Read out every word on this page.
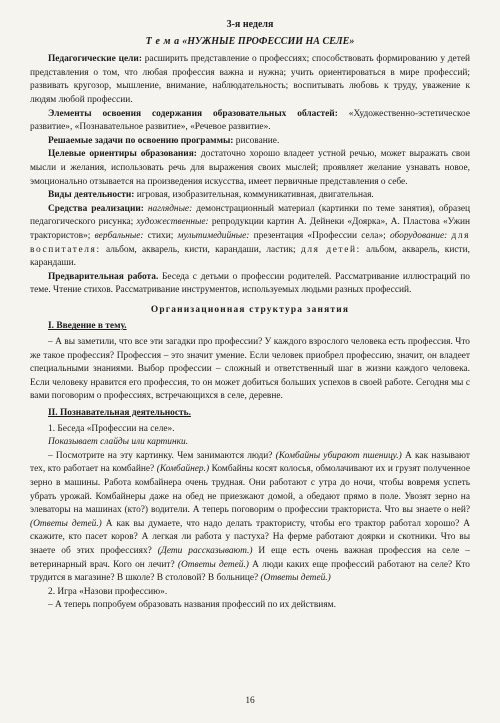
3-я неделя
Т е м а «НУЖНЫЕ ПРОФЕССИИ НА СЕЛЕ»

Педагогические цели: расширить представление о профессиях; способствовать формированию у детей представления о том, что любая профессия важна и нужна; учить ориентироваться в мире профессий; развивать кругозор, мышление, внимание, наблюдательность; воспитывать любовь к труду, уважение к людям любой профессии.

Элементы освоения содержания образовательных областей: «Художественно-эстетическое развитие», «Познавательное развитие», «Речевое развитие».

Решаемые задачи по освоению программы: рисование.

Целевые ориентиры образования: достаточно хорошо владеет устной речью, может выражать свои мысли и желания, использовать речь для выражения своих мыслей; проявляет желание узнавать новое, эмоционально отзывается на произведения искусства, имеет первичные представления о себе.

Виды деятельности: игровая, изобразительная, коммуникативная, двигательная.

Средства реализации: наглядные: демонстрационный материал (картинки по теме занятия), образец педагогического рисунка; художественные: репродукции картин А. Дейнеки «Доярка», А. Пластова «Ужин трактористов»; вербальные: стихи; мультимедийные: презентация «Профессии села»; оборудование: для воспитателя: альбом, акварель, кисти, карандаши, ластик; для детей: альбом, акварель, кисти, карандаши.

Предварительная работа. Беседа с детьми о профессии родителей. Рассматривание иллюстраций по теме. Чтение стихов. Рассматривание инструментов, используемых людьми разных профессий.

Организационная структура занятия
I. Введение в тему.

– А вы заметили, что все эти загадки про профессии? У каждого взрослого человека есть профессия. Что же такое профессия? Профессия – это значит умение. Если человек приобрел профессию, значит, он владеет специальными знаниями. Выбор профессии – сложный и ответственный шаг в жизни каждого человека. Если человеку нравится его профессия, то он может добиться больших успехов в своей работе. Сегодня мы с вами поговорим о профессиях, встречающихся в селе, деревне.

II. Познавательная деятельность.

1. Беседа «Профессии на селе».

Показывает слайды или картинки.

– Посмотрите на эту картинку. Чем занимаются люди? (Комбайны убирают пшеницу.) А как называют тех, кто работает на комбайне? (Комбайнер.) Комбайны косят колосья, обмолачивают их и грузят полученное зерно в машины. Работа комбайнера очень трудная. Они работают с утра до ночи, чтобы вовремя успеть убрать урожай. Комбайнеры даже на обед не приезжают домой, а обедают прямо в поле. Увозят зерно на элеваторы на машинах (кто?) водители. А теперь поговорим о профессии тракториста. Что вы знаете о ней? (Ответы детей.) А как вы думаете, что надо делать трактористу, чтобы его трактор работал хорошо? А скажите, кто пасет коров? А легкая ли работа у пастуха? На ферме работают доярки и скотники. Что вы знаете об этих профессиях? (Дети рассказывают.) И еще есть очень важная профессия на селе – ветеринарный врач. Кого он лечит? (Ответы детей.) А люди каких еще профессий работают на селе? Кто трудится в магазине? В школе? В столовой? В больнице? (Ответы детей.)

2. Игра «Назови профессию».

– А теперь попробуем образовать названия профессий по их действиям.

16
